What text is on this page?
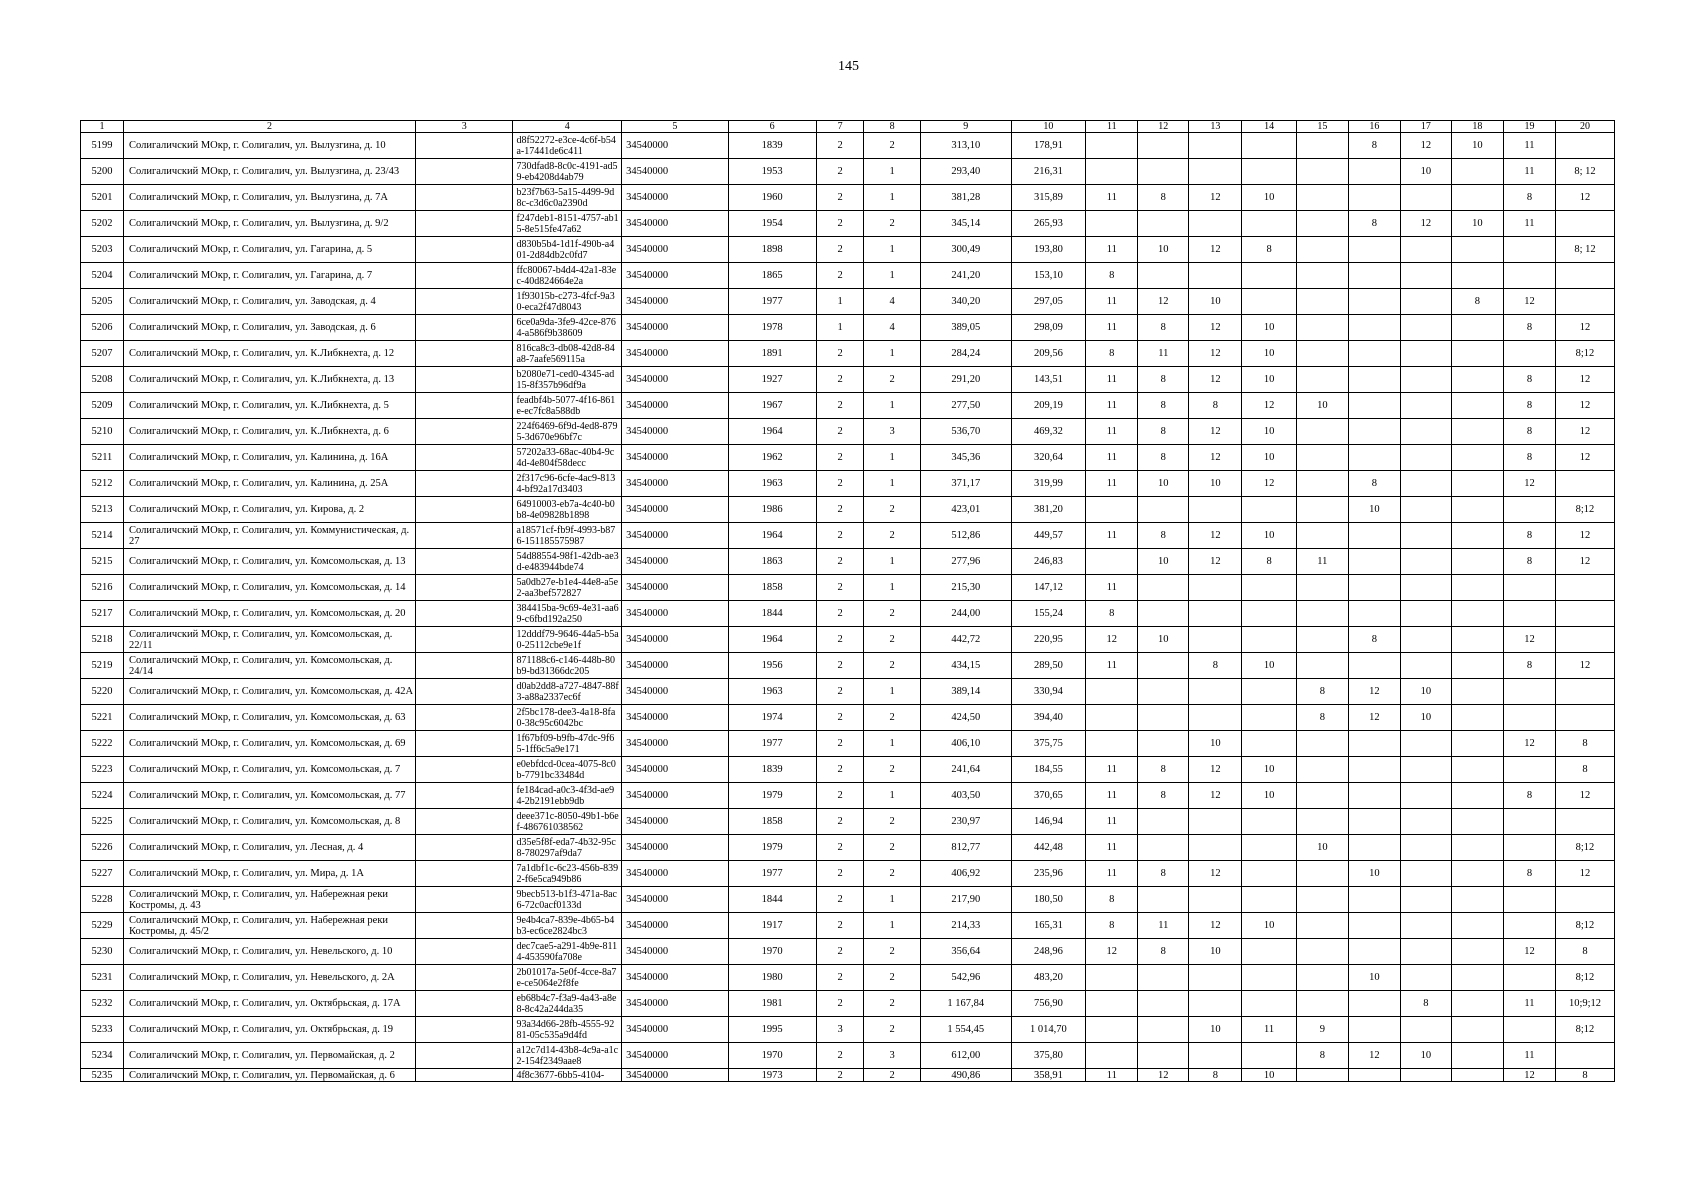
145
1	2	3	4	5	6	7	8	9	10	11	12	13	14	15	16	17	18	19	20
5199	Солигаличский МОкр, г. Солигалич, ул. Вылузгина, д. 10		d8f52272-e3ce-4c6f-b54a-17441de6c411	34540000	1839	2	2	313,10	178,91						8	12	10	11	
5200	Солигаличский МОкр, г. Солигалич, ул. Вылузгина, д. 23/43		730dfad8-8c0c-4191-ad59-eb4208d4ab79	34540000	1953	2	1	293,40	216,31							10		11	8; 12
5201	Солигаличский МОкр, г. Солигалич, ул. Вылузгина, д. 7А		b23f7b63-5a15-4499-9d8c-c3d6c0a2390d	34540000	1960	2	1	381,28	315,89	11	8	12	10					8	12
5202	Солигаличский МОкр, г. Солигалич, ул. Вылузгина, д. 9/2		f247deb1-8151-4757-ab15-8e515fe47a62	34540000	1954	2	2	345,14	265,93						8	12	10	11	
5203	Солигаличский МОкр, г. Солигалич, ул. Гагарина, д. 5		d830b5b4-1d1f-490b-a401-2d84db2c0fd7	34540000	1898	2	1	300,49	193,80	11	10	12	8						8; 12
5204	Солигаличский МОкр, г. Солигалич, ул. Гагарина, д. 7		ffc80067-b4d4-42a1-83ec-40d824664e2a	34540000	1865	2	1	241,20	153,10	8									
5205	Солигаличский МОкр, г. Солигалич, ул. Заводская, д. 4		1f93015b-c273-4fcf-9a30-eca2f47d8043	34540000	1977	1	4	340,20	297,05	11	12	10					8	12	
5206	Солигаличский МОкр, г. Солигалич, ул. Заводская, д. 6		6ce0a9da-3fe9-42ce-8764-a586f9b38609	34540000	1978	1	4	389,05	298,09	11	8	12	10					8	12
5207	Солигаличский МОкр, г. Солигалич, ул. К.Либкнехта, д. 12		816ca8c3-db08-42d8-84a8-7aafe569115a	34540000	1891	2	1	284,24	209,56	8	11	12	10						8;12
5208	Солигаличский МОкр, г. Солигалич, ул. К.Либкнехта, д. 13		b2080e71-ced0-4345-ad15-8f357b96df9a	34540000	1927	2	2	291,20	143,51	11	8	12	10					8	12
5209	Солигаличский МОкр, г. Солигалич, ул. К.Либкнехта, д. 5		feadbf4b-5077-4f16-861e-ec7fc8a588db	34540000	1967	2	1	277,50	209,19	11	8	8	12	10				8	12
5210	Солигаличский МОкр, г. Солигалич, ул. К.Либкнехта, д. 6		224f6469-6f9d-4ed8-8795-3d670e96bf7c	34540000	1964	2	3	536,70	469,32	11	8	12	10					8	12
5211	Солигаличский МОкр, г. Солигалич, ул. Калинина, д. 16А		57202a33-68ac-40b4-9c4d-4e804f58decc	34540000	1962	2	1	345,36	320,64	11	8	12	10					8	12
5212	Солигаличский МОкр, г. Солигалич, ул. Калинина, д. 25А		2f317c96-6cfe-4ac9-8134-bf92a17d3403	34540000	1963	2	1	371,17	319,99	11	10	10	12		8			12	
5213	Солигаличский МОкр, г. Солигалич, ул. Кирова, д. 2		64910003-eb7a-4c40-b0b8-4e09828b1898	34540000	1986	2	2	423,01	381,20						10				8;12
5214	Солигаличский МОкр, г. Солигалич, ул. Коммунистическая, д. 27		a18571cf-fb9f-4993-b876-151185575987	34540000	1964	2	2	512,86	449,57	11	8	12	10					8	12
5215	Солигаличский МОкр, г. Солигалич, ул. Комсомольская, д. 13		54d88554-98f1-42db-ae3d-e483944bde74	34540000	1863	2	1	277,96	246,83		10	12	8	11				8	12
5216	Солигаличский МОкр, г. Солигалич, ул. Комсомольская, д. 14		5a0db27e-b1e4-44e8-a5e2-aa3bef572827	34540000	1858	2	1	215,30	147,12	11									
5217	Солигаличский МОкр, г. Солигалич, ул. Комсомольская, д. 20		384415ba-9c69-4e31-aa69-c6fbd192a250	34540000	1844	2	2	244,00	155,24	8									
5218	Солигаличский МОкр, г. Солигалич, ул. Комсомольская, д. 22/11		12dddf79-9646-44a5-b5a0-25112cbe9e1f	34540000	1964	2	2	442,72	220,95	12	10				8			12	
5219	Солигаличский МОкр, г. Солигалич, ул. Комсомольская, д. 24/14		871188c6-c146-448b-80b9-bd31366dc205	34540000	1956	2	2	434,15	289,50	11		8	10					8	12
5220	Солигаличский МОкр, г. Солигалич, ул. Комсомольская, д. 42А		d0ab2dd8-a727-4847-88f3-a88a2337ec6f	34540000	1963	2	1	389,14	330,94					8	12	10			
5221	Солигаличский МОкр, г. Солигалич, ул. Комсомольская, д. 63		2f5bc178-dee3-4a18-8fa0-38c95c6042bc	34540000	1974	2	2	424,50	394,40					8	12	10			
5222	Солигаличский МОкр, г. Солигалич, ул. Комсомольская, д. 69		1f67bf09-b9fb-47dc-9f65-1ff6c5a9e171	34540000	1977	2	1	406,10	375,75			10						12	8
5223	Солигаличский МОкр, г. Солигалич, ул. Комсомольская, д. 7		e0ebfdcd-0cea-4075-8c0b-7791bc33484d	34540000	1839	2	2	241,64	184,55	11	8	12	10						8
5224	Солигаличский МОкр, г. Солигалич, ул. Комсомольская, д. 77		fe184cad-a0c3-4f3d-ae94-2b2191ebb9db	34540000	1979	2	1	403,50	370,65	11	8	12	10					8	12
5225	Солигаличский МОкр, г. Солигалич, ул. Комсомольская, д. 8		deee371c-8050-49b1-b6ef-486761038562	34540000	1858	2	2	230,97	146,94	11									
5226	Солигаличский МОкр, г. Солигалич, ул. Лесная, д. 4		d35e5f8f-eda7-4b32-95c8-780297af9da7	34540000	1979	2	2	812,77	442,48	11				10					8;12
5227	Солигаличский МОкр, г. Солигалич, ул. Мира, д. 1А		7a1dbf1c-6c23-456b-8392-f6e5ca949b86	34540000	1977	2	2	406,92	235,96	11	8	12			10			8	12
5228	Солигаличский МОкр, г. Солигалич, ул. Набережная реки Костромы, д. 43		9becb513-b1f3-471a-8ac6-72c0acf0133d	34540000	1844	2	1	217,90	180,50	8									
5229	Солигаличский МОкр, г. Солигалич, ул. Набережная реки Костромы, д. 45/2		9e4b4ca7-839e-4b65-b4b3-ec6ce2824bc3	34540000	1917	2	1	214,33	165,31	8	11	12	10						8;12
5230	Солигаличский МОкр, г. Солигалич, ул. Невельского, д. 10		dec7cae5-a291-4b9e-8114-453590fa708e	34540000	1970	2	2	356,64	248,96	12	8	10						12	8
5231	Солигаличский МОкр, г. Солигалич, ул. Невельского, д. 2А		2b01017a-5e0f-4cce-8a7e-ce5064e2f8fe	34540000	1980	2	2	542,96	483,20						10				8;12
5232	Солигаличский МОкр, г. Солигалич, ул. Октябрьская, д. 17А		eb68b4c7-f3a9-4a43-a8e8-8c42a244da35	34540000	1981	2	2	1 167,84	756,90							8		11	10;9;12
5233	Солигаличский МОкр, г. Солигалич, ул. Октябрьская, д. 19		93a34d66-28fb-4555-9281-05c535a9d4fd	34540000	1995	3	2	1 554,45	1 014,70			10	11	9					8;12
5234	Солигаличский МОкр, г. Солигалич, ул. Первомайская, д. 2		a12c7d14-43b8-4c9a-a1c2-154f2349aae8	34540000	1970	2	3	612,00	375,80					8	12	10		11	
5235	Солигаличский МОкр, г. Солигалич, ул. Первомайская, д. 6		4f8c3677-6bb5-4104-	34540000	1973	2	2	490,86	358,91	11	12	8	10					12	8
